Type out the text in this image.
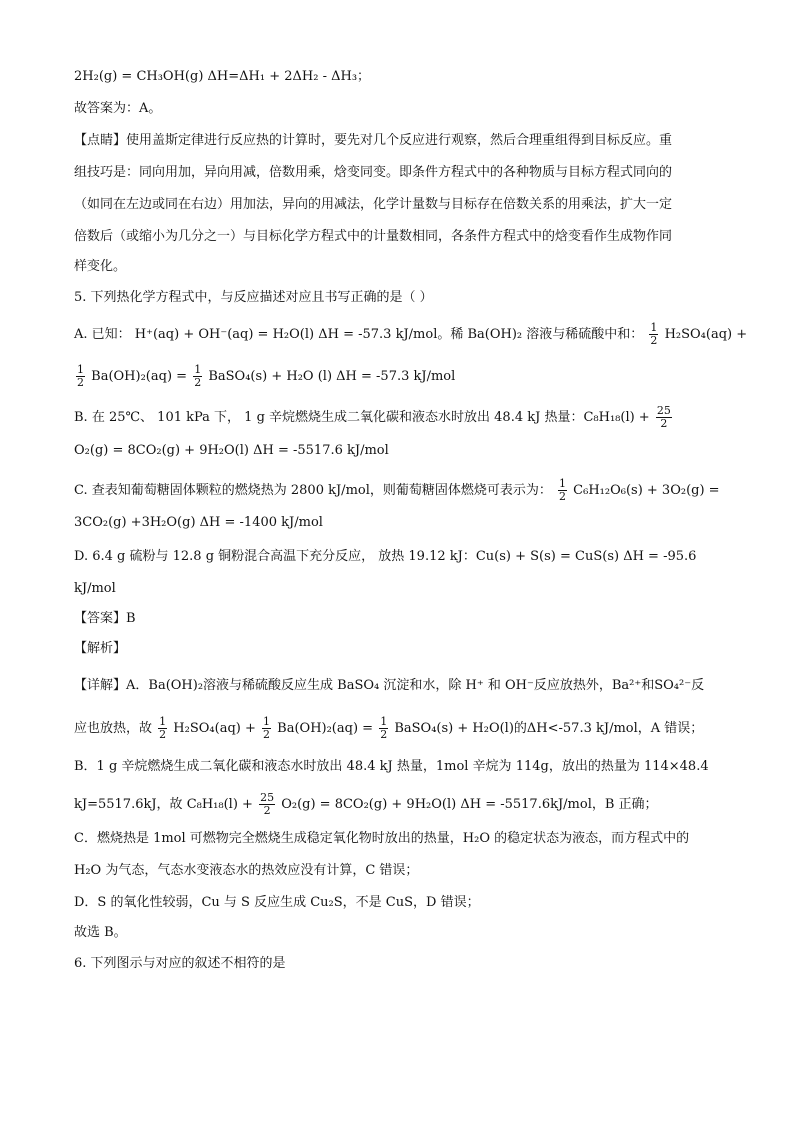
2H₂(g) = CH₃OH(g) ΔH=ΔH₁ + 2ΔH₂ - ΔH₃；
故答案为：A。
【点睛】使用盖斯定律进行反应热的计算时，要先对几个反应进行观察，然后合理重组得到目标反应。重
组技巧是：同向用加，异向用减，倍数用乘，焓变同变。即条件方程式中的各种物质与目标方程式同向的
（如同在左边或同在右边）用加法，异向的用减法，化学计量数与目标存在倍数关系的用乘法，扩大一定
倍数后（或缩小为几分之一）与目标化学方程式中的计量数相同，各条件方程式中的焓变看作生成物作同
样变化。
5. 下列热化学方程式中，与反应描述对应且书写正确的是（ ）
A. 已知： H⁺(aq) + OH⁻(aq) = H₂O(l) ΔH = -57.3 kJ/mol。稀 Ba(OH)₂ 溶液与稀硫酸中和： $\frac{1}{2} H_2SO_4(aq)$ +
$\frac{1}{2} Ba(OH)_2(aq) = \frac{1}{2}$ BaSO₄(s) + H₂O (l) ΔH = -57.3 kJ/mol
B. 在 25℃、 101 kPa 下， 1 g 辛烷燃烧生成二氧化碳和液态水时放出 48.4 kJ 热量：$C_8H_{18}(l) + \frac{25}{2}$
O₂(g) = 8CO₂(g) + 9H₂O(l) ΔH = -5517.6 kJ/mol
C. 查表知葡萄糖固体颗粒的燃烧热为 2800 kJ/mol，则葡萄糖固体燃烧可表示为： $\frac{1}{2} C_6H_{12}O_6(s) + 3O_2(g)$ =
3CO₂(g) +3H₂O(g) ΔH = -1400 kJ/mol
D. 6.4 g 硫粉与 12.8 g 铜粉混合高温下充分反应， 放热 19.12 kJ：Cu(s) + S(s) = CuS(s) ΔH = -95.6
kJ/mol
【答案】B
【解析】
【详解】A．Ba(OH)₂溶液与稀硫酸反应生成 BaSO₄ 沉淀和水，除 H⁺ 和 OH⁻反应放热外，Ba²⁺和SO₄²⁻反
应也放热，故 $\frac{1}{2} H_2SO_4(aq) + \frac{1}{2} Ba(OH)_2(aq) = \frac{1}{2}$ BaSO₄(s) + H₂O(l)的ΔH<-57.3 kJ/mol，A 错误；
B．1 g 辛烷燃烧生成二氧化碳和液态水时放出 48.4 kJ 热量，1mol 辛烷为 114g，放出的热量为 114×48.4
kJ=5517.6kJ，故 $C_8H_{18}(l) + \frac{25}{2} O_2(g) = 8CO_2(g) + 9H_2O(l) \Delta H = -5517.6kJ/mol$，B 正确；
C．燃烧热是 1mol 可燃物完全燃烧生成稳定氧化物时放出的热量，H₂O 的稳定状态为液态，而方程式中的
H₂O 为气态，气态水变液态水的热效应没有计算，C 错误；
D．S 的氧化性较弱，Cu 与 S 反应生成 Cu₂S，不是 CuS，D 错误；
故选 B。
6. 下列图示与对应的叙述不相符的是
